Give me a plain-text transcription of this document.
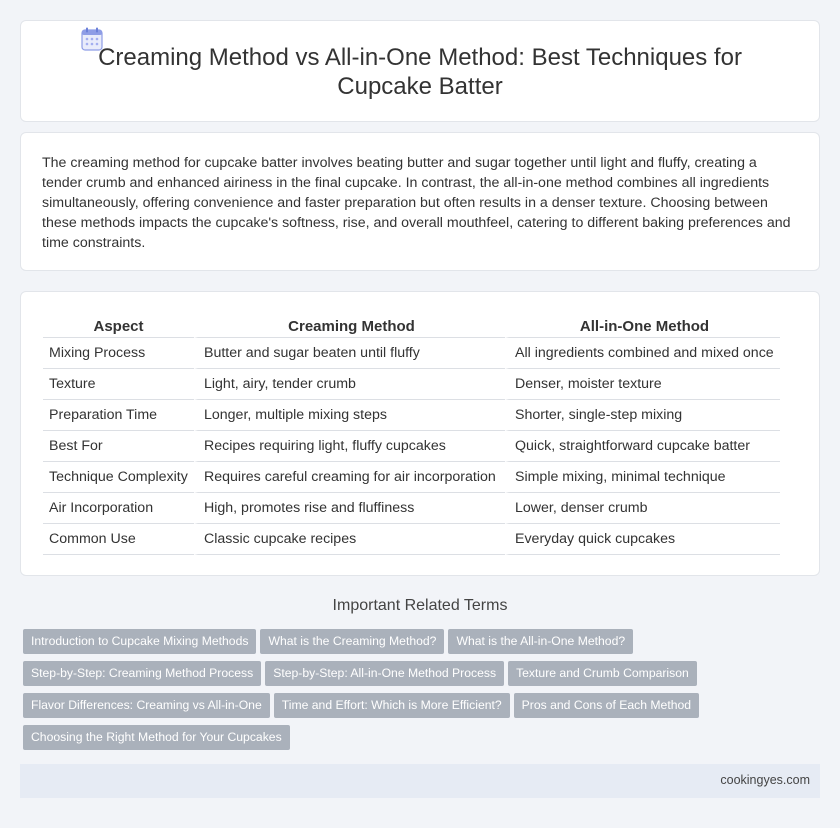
Creaming Method vs All-in-One Method: Best Techniques for Cupcake Batter

The creaming method for cupcake batter involves beating butter and sugar together until light and fluffy, creating a tender crumb and enhanced airiness in the final cupcake. In contrast, the all-in-one method combines all ingredients simultaneously, offering convenience and faster preparation but often results in a denser texture. Choosing between these methods impacts the cupcake's softness, rise, and overall mouthfeel, catering to different baking preferences and time constraints.

Aspect	Creaming Method	All-in-One Method
Mixing Process	Butter and sugar beaten until fluffy	All ingredients combined and mixed once
Texture	Light, airy, tender crumb	Denser, moister texture
Preparation Time	Longer, multiple mixing steps	Shorter, single-step mixing
Best For	Recipes requiring light, fluffy cupcakes	Quick, straightforward cupcake batter
Technique Complexity	Requires careful creaming for air incorporation	Simple mixing, minimal technique
Air Incorporation	High, promotes rise and fluffiness	Lower, denser crumb
Common Use	Classic cupcake recipes	Everyday quick cupcakes
Important Related Terms
Introduction to Cupcake Mixing Methods What is the Creaming Method? What is the All-in-One Method?
Step-by-Step: Creaming Method Process Step-by-Step: All-in-One Method Process Texture and Crumb Comparison
Flavor Differences: Creaming vs All-in-One Time and Effort: Which is More Efficient? Pros and Cons of Each Method
Choosing the Right Method for Your Cupcakes
cookingyes.com
